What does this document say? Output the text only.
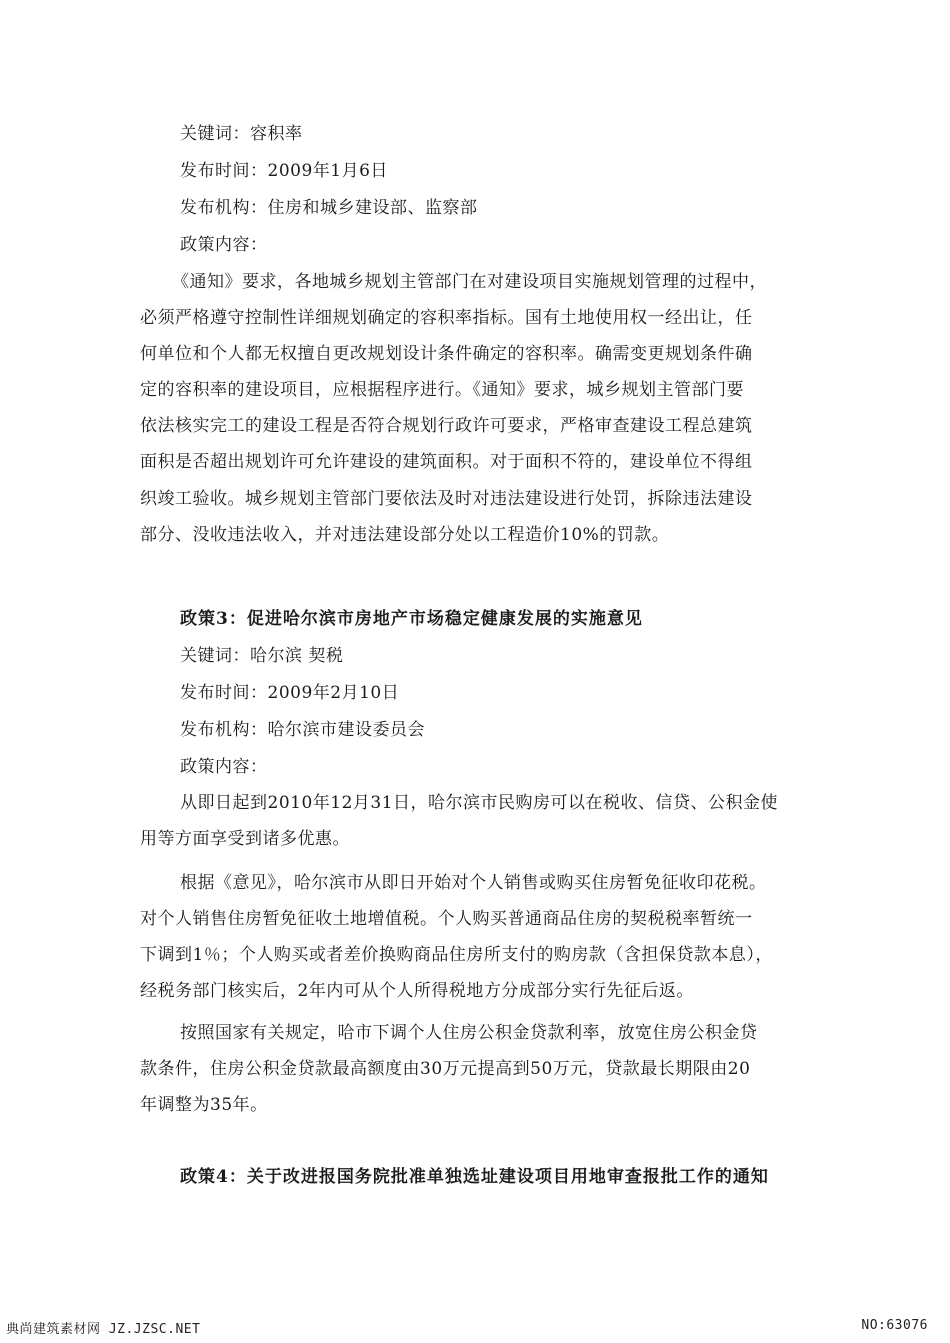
关键词：容积率
发布时间：2009年1月6日
发布机构：住房和城乡建设部、监察部
政策内容：
《通知》要求，各地城乡规划主管部门在对建设项目实施规划管理的过程中，
必须严格遵守控制性详细规划确定的容积率指标。国有土地使用权一经出让，任
何单位和个人都无权擅自更改规划设计条件确定的容积率。确需变更规划条件确
定的容积率的建设项目，应根据程序进行。《通知》要求，城乡规划主管部门要
依法核实完工的建设工程是否符合规划行政许可要求，严格审查建设工程总建筑
面积是否超出规划许可允许建设的建筑面积。对于面积不符的，建设单位不得组
织竣工验收。城乡规划主管部门要依法及时对违法建设进行处罚，拆除违法建设
部分、没收违法收入，并对违法建设部分处以工程造价10%的罚款。
政策3：促进哈尔滨市房地产市场稳定健康发展的实施意见
关键词：哈尔滨 契税
发布时间：2009年2月10日
发布机构：哈尔滨市建设委员会
政策内容：
从即日起到2010年12月31日，哈尔滨市民购房可以在税收、信贷、公积金使
用等方面享受到诸多优惠。
根据《意见》，哈尔滨市从即日开始对个人销售或购买住房暂免征收印花税。
对个人销售住房暂免征收土地增值税。个人购买普通商品住房的契税税率暂统一
下调到1％；个人购买或者差价换购商品住房所支付的购房款（含担保贷款本息），
经税务部门核实后，2年内可从个人所得税地方分成部分实行先征后返。
按照国家有关规定，哈市下调个人住房公积金贷款利率，放宽住房公积金贷
款条件，住房公积金贷款最高额度由30万元提高到50万元，贷款最长期限由20
年调整为35年。
政策4：关于改进报国务院批准单独选址建设项目用地审查报批工作的通知
典尚建筑素材网 JZ.JZSC.NET	NO:63076
